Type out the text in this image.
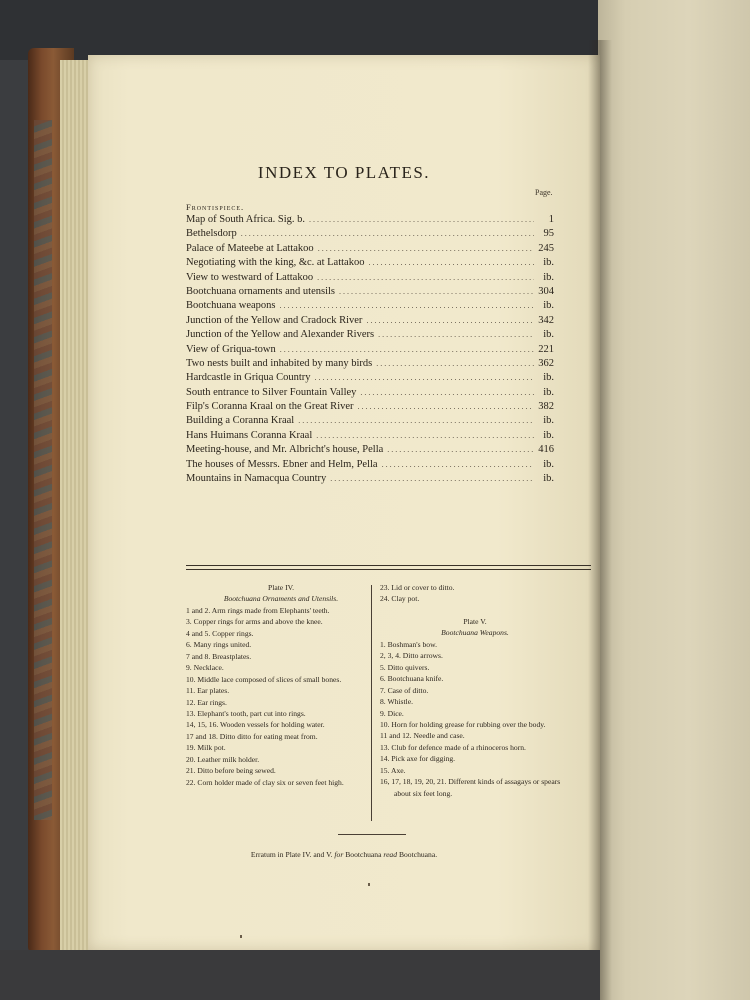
INDEX TO PLATES.
Page.
Frontispiece.
Map of South Africa. Sig. b. .....	1
Bethelsdorp .....	95
Palace of Mateebe at Lattakoo .....	245
Negotiating with the king, &c. at Lattakoo .....	ib.
View to westward of Lattakoo .....	ib.
Bootchuana ornaments and utensils .....	304
Bootchuana weapons .....	ib.
Junction of the Yellow and Cradock River .....	342
Junction of the Yellow and Alexander Rivers .....	ib.
View of Griqua-town .....	221
Two nests built and inhabited by many birds .....	362
Hardcastle in Griqua Country .....	ib.
South entrance to Silver Fountain Valley .....	ib.
Filp's Coranna Kraal on the Great River .....	382
Building a Coranna Kraal .....	ib.
Hans Huimans Coranna Kraal .....	ib.
Meeting-house, and Mr. Albricht's house, Pella .....	416
The houses of Messrs. Ebner and Helm, Pella .....	ib.
Mountains in Namacqua Country .....	ib.
Plate IV.
Bootchuana Ornaments and Utensils.
1 and 2. Arm rings made from Elephants' teeth.
3. Copper rings for arms and above the knee.
4 and 5. Copper rings.
6. Many rings united.
7 and 8. Breastplates.
9. Necklace.
10. Middle lace composed of slices of small bones.
11. Ear plates.
12. Ear rings.
13. Elephant's tooth, part cut into rings.
14, 15, 16. Wooden vessels for holding water.
17 and 18. Ditto ditto for eating meat from.
19. Milk pot.
20. Leather milk holder.
21. Ditto before being sewed.
22. Corn holder made of clay six or seven feet high.
23. Lid or cover to ditto.
24. Clay pot.
Plate V.
Bootchuana Weapons.
1. Boshman's bow.
2, 3, 4. Ditto arrows.
5. Ditto quivers.
6. Bootchuana knife.
7. Case of ditto.
8. Whistle.
9. Dice.
10. Horn for holding grease for rubbing over the body.
11 and 12. Needle and case.
13. Club for defence made of a rhinoceros horn.
14. Pick axe for digging.
15. Axe.
16, 17, 18, 19, 20, 21. Different kinds of assagays or spears about six feet long.
Erratum in Plate IV. and V. for Bootchuana read Bootchuana.
